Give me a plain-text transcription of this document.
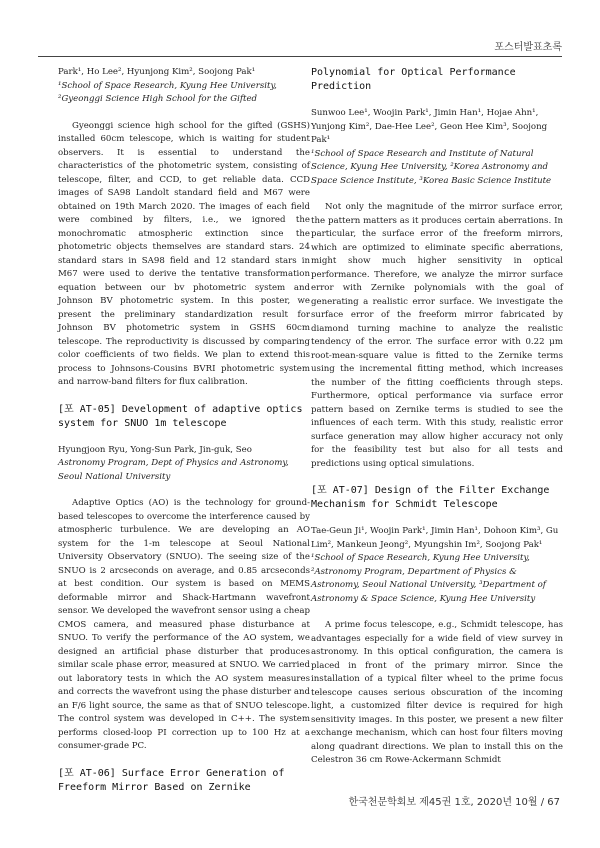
포스터발표초록

Park¹, Ho Lee², Hyunjong Kim², Soojong Pak¹

¹School of Space Research, Kyung Hee University,

²Gyeonggi Science High School for the Gifted

Gyeonggi science high school for the gifted (GSHS) installed 60cm telescope, which is waiting for student observers. It is essential to understand the characteristics of the photometric system, consisting of telescope, filter, and CCD, to get reliable data. CCD images of SA98 Landolt standard field and M67 were obtained on 19th March 2020. The images of each field were combined by filters, i.e., we ignored the monochromatic atmospheric extinction since the photometric objects themselves are standard stars. 24 standard stars in SA98 field and 12 standard stars in M67 were used to derive the tentative transformation equation between our bv photometric system and Johnson BV photometric system. In this poster, we present the preliminary standardization result for Johnson BV photometric system in GSHS 60cm telescope. The reproductivity is discussed by comparing color coefficients of two fields. We plan to extend this process to Johnsons-Cousins BVRI photometric system and narrow-band filters for flux calibration.

[포 AT-05] Development of adaptive optics system for SNUO 1m telescope

Hyungjoon Ryu, Yong-Sun Park, Jin-guk, Seo

Astronomy Program, Dept of Physics and Astronomy, Seoul National University

Adaptive Optics (AO) is the technology for ground-based telescopes to overcome the interference caused by atmospheric turbulence. We are developing an AO system for the 1-m telescope at Seoul National University Observatory (SNUO). The seeing size of the SNUO is 2 arcseconds on average, and 0.85 arcseconds at best condition. Our system is based on MEMS deformable mirror and Shack-Hartmann wavefront sensor. We developed the wavefront sensor using a cheap CMOS camera, and measured phase disturbance at SNUO. To verify the performance of the AO system, we designed an artificial phase disturber that produces similar scale phase error, measured at SNUO. We carried out laboratory tests in which the AO system measures and corrects the wavefront using the phase disturber and an F/6 light source, the same as that of SNUO telescope. The control system was developed in C++. The system performs closed-loop PI correction up to 100 Hz at a consumer-grade PC.

[포 AT-06] Surface Error Generation of Freeform Mirror Based on Zernike

Polynomial for Optical Performance Prediction

Sunwoo Lee¹, Woojin Park¹, Jimin Han¹, Hojae Ahn¹, Yunjong Kim², Dae-Hee Lee², Geon Hee Kim³, Soojong Pak¹

¹School of Space Research and Institute of Natural Science, Kyung Hee University, ²Korea Astronomy and Space Science Institute, ³Korea Basic Science Institute

Not only the magnitude of the mirror surface error, the pattern matters as it produces certain aberrations. In particular, the surface error of the freeform mirrors, which are optimized to eliminate specific aberrations, might show much higher sensitivity in optical performance. Therefore, we analyze the mirror surface error with Zernike polynomials with the goal of generating a realistic error surface. We investigate the surface error of the freeform mirror fabricated by diamond turning machine to analyze the realistic tendency of the error. The surface error with 0.22 μm root-mean-square value is fitted to the Zernike terms using the incremental fitting method, which increases the number of the fitting coefficients through steps. Furthermore, optical performance via surface error pattern based on Zernike terms is studied to see the influences of each term. With this study, realistic error surface generation may allow higher accuracy not only for the feasibility test but also for all tests and predictions using optical simulations.

[포 AT-07] Design of the Filter Exchange Mechanism for Schmidt Telescope

Tae-Geun Ji¹, Woojin Park¹, Jimin Han¹, Dohoon Kim³, Gu Lim², Mankeun Jeong², Myungshin Im², Soojong Pak¹

¹School of Space Research, Kyung Hee University, ²Astronomy Program, Department of Physics & Astronomy, Seoul National University, ³Department of Astronomy & Space Science, Kyung Hee University

A prime focus telescope, e.g., Schmidt telescope, has advantages especially for a wide field of view survey in astronomy. In this optical configuration, the camera is placed in front of the primary mirror. Since the installation of a typical filter wheel to the prime focus telescope causes serious obscuration of the incoming light, a customized filter device is required for high sensitivity images. In this poster, we present a new filter exchange mechanism, which can host four filters moving along quadrant directions. We plan to install this on the Celestron 36 cm Rowe-Ackermann Schmidt

한국천문학회보 제45권 1호, 2020년 10월 / 67
